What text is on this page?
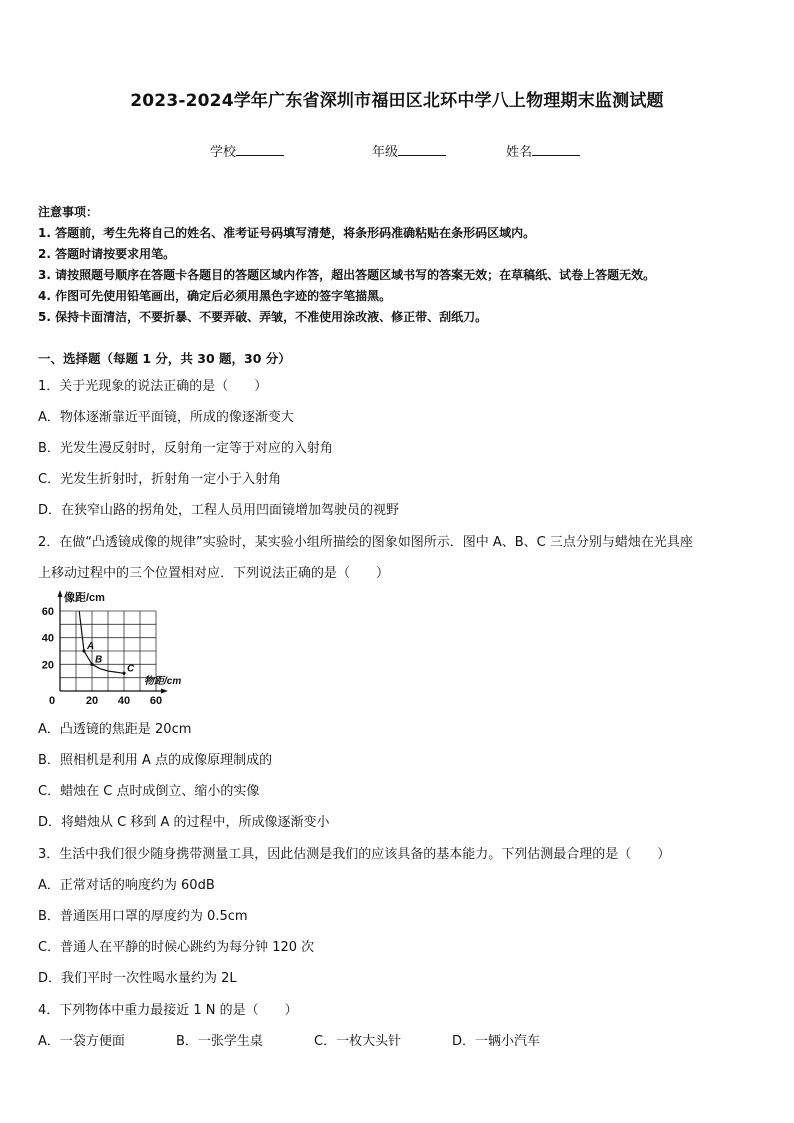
2023-2024学年广东省深圳市福田区北环中学八上物理期末监测试题
学校	年级	姓名
注意事项：
1. 答题前，考生先将自己的姓名、准考证号码填写清楚，将条形码准确粘贴在条形码区域内。
2. 答题时请按要求用笔。
3. 请按照题号顺序在答题卡各题目的答题区域内作答，超出答题区域书写的答案无效；在草稿纸、试卷上答题无效。
4. 作图可先使用铅笔画出，确定后必须用黑色字迹的签字笔描黑。
5. 保持卡面清洁，不要折暴、不要弄破、弄皱，不准使用涂改液、修正带、刮纸刀。
一、选择题（每题 1 分，共 30 题，30 分）
1．关于光现象的说法正确的是（　　）
A．物体逐渐靠近平面镜，所成的像逐渐变大
B．光发生漫反射时，反射角一定等于对应的入射角
C．光发生折射时，折射角一定小于入射角
D．在狭窄山路的拐角处，工程人员用凹面镜增加驾驶员的视野
2．在做“凸透镜成像的规律”实验时，某实验小组所描绘的图象如图所示．图中 A、B、C 三点分别与蜡烛在光具座
上移动过程中的三个位置相对应．下列说法正确的是（　　）
像距/cm
物距/cm
0	20 40 60
20
40
60
A
B
C
A．凸透镜的焦距是 20cm
B．照相机是利用 A 点的成像原理制成的
C．蜡烛在 C 点时成倒立、缩小的实像
D．将蜡烛从 C 移到 A 的过程中，所成像逐渐变小
3．生活中我们很少随身携带测量工具，因此估测是我们的应该具备的基本能力。下列估测最合理的是（　　）
A．正常对话的响度约为 60dB
B．普通医用口罩的厚度约为 0.5cm
C．普通人在平静的时候心跳约为每分钟 120 次
D．我们平时一次性喝水量约为 2L
4．下列物体中重力最接近 1 N 的是（　　）
A．一袋方便面	B．一张学生桌	C．一枚大头针	D．一辆小汽车
